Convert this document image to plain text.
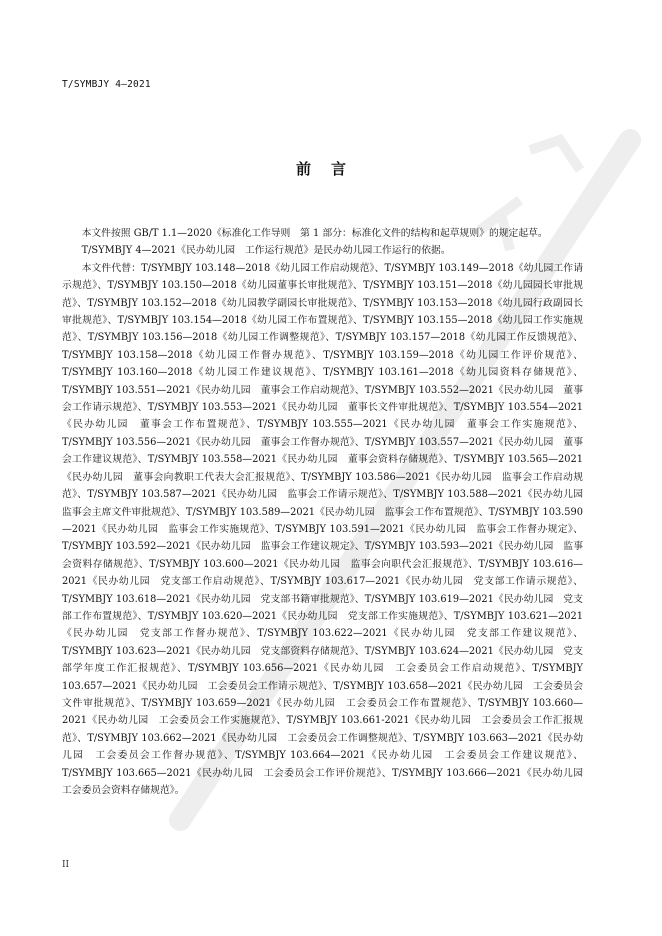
T/SYMBJY 4—2021
前言

本文件按照 GB/T 1.1—2020《标准化工作导则　第 1 部分：标准化文件的结构和起草规则》的规定起草。

T/SYMBJY 4—2021《民办幼儿园　工作运行规范》是民办幼儿园工作运行的依据。

本文件代替：T/SYMBJY 103.148—2018《幼儿园工作启动规范》、T/SYMBJY 103.149—2018《幼儿园工作请示规范》、T/SYMBJY 103.150—2018《幼儿园董事长审批规范》、T/SYMBJY 103.151—2018《幼儿园园长审批规范》、T/SYMBJY 103.152—2018《幼儿园教学副园长审批规范》、T/SYMBJY 103.153—2018《幼儿园行政副园长审批规范》、T/SYMBJY 103.154—2018《幼儿园工作布置规范》、T/SYMBJY 103.155—2018《幼儿园工作实施规范》、T/SYMBJY 103.156—2018《幼儿园工作调整规范》、T/SYMBJY 103.157—2018《幼儿园工作反馈规范》、T/SYMBJY 103.158—2018《幼儿园工作督办规范》、T/SYMBJY 103.159—2018《幼儿园工作评价规范》、T/SYMBJY 103.160—2018《幼儿园工作建议规范》、T/SYMBJY 103.161—2018《幼儿园资料存储规范》、T/SYMBJY 103.551—2021《民办幼儿园　董事会工作启动规范》、T/SYMBJY 103.552—2021《民办幼儿园　董事会工作请示规范》、T/SYMBJY 103.553—2021《民办幼儿园　董事长文件审批规范》、T/SYMBJY 103.554—2021《民办幼儿园　董事会工作布置规范》、T/SYMBJY 103.555—2021《民办幼儿园　董事会工作实施规范》、T/SYMBJY 103.556—2021《民办幼儿园　董事会工作督办规范》、T/SYMBJY 103.557—2021《民办幼儿园　董事会工作建议规范》、T/SYMBJY 103.558—2021《民办幼儿园　董事会资料存储规范》、T/SYMBJY 103.565—2021《民办幼儿园　董事会向教职工代表大会汇报规范》、T/SYMBJY 103.586—2021《民办幼儿园　监事会工作启动规范》、T/SYMBJY 103.587—2021《民办幼儿园　监事会工作请示规范》、T/SYMBJY 103.588—2021《民办幼儿园　监事会主席文件审批规范》、T/SYMBJY 103.589—2021《民办幼儿园　监事会工作布置规范》、T/SYMBJY 103.590—2021《民办幼儿园　监事会工作实施规范》、T/SYMBJY 103.591—2021《民办幼儿园　监事会工作督办规定》、T/SYMBJY 103.592—2021《民办幼儿园　监事会工作建议规定》、T/SYMBJY 103.593—2021《民办幼儿园　监事会资料存储规范》、T/SYMBJY 103.600—2021《民办幼儿园　监事会向职代会汇报规范》、T/SYMBJY 103.616—2021《民办幼儿园　党支部工作启动规范》、T/SYMBJY 103.617—2021《民办幼儿园　党支部工作请示规范》、T/SYMBJY 103.618—2021《民办幼儿园　党支部书籍审批规范》、T/SYMBJY 103.619—2021《民办幼儿园　党支部工作布置规范》、T/SYMBJY 103.620—2021《民办幼儿园　党支部工作实施规范》、T/SYMBJY 103.621—2021《民办幼儿园　党支部工作督办规范》、T/SYMBJY 103.622—2021《民办幼儿园　党支部工作建议规范》、T/SYMBJY 103.623—2021《民办幼儿园　党支部资料存储规范》、T/SYMBJY 103.624—2021《民办幼儿园　党支部学年度工作汇报规范》、T/SYMBJY 103.656—2021《民办幼儿园　工会委员会工作启动规范》、T/SYMBJY 103.657—2021《民办幼儿园　工会委员会工作请示规范》、T/SYMBJY 103.658—2021《民办幼儿园　工会委员会文件审批规范》、T/SYMBJY 103.659—2021《民办幼儿园　工会委员会工作布置规范》、T/SYMBJY 103.660—2021《民办幼儿园　工会委员会工作实施规范》、T/SYMBJY 103.661-2021《民办幼儿园　工会委员会工作汇报规范》、T/SYMBJY 103.662—2021《民办幼儿园　工会委员会工作调整规范》、T/SYMBJY 103.663—2021《民办幼儿园　工会委员会工作督办规范》、T/SYMBJY 103.664—2021《民办幼儿园　工会委员会工作建议规范》、T/SYMBJY 103.665—2021《民办幼儿园　工会委员会工作评价规范》、T/SYMBJY 103.666—2021《民办幼儿园　工会委员会资料存储规范》。

II
